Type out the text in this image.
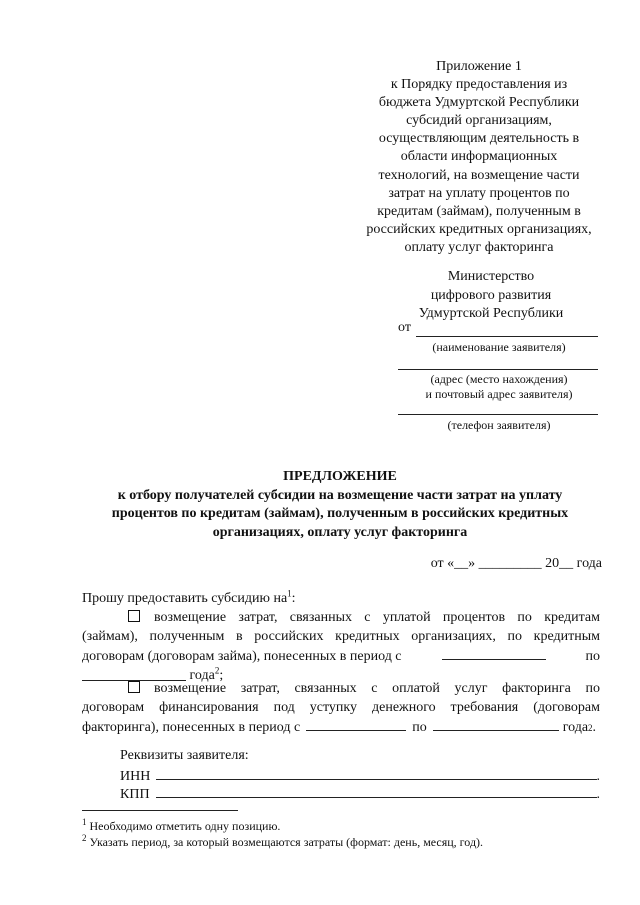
Приложение 1
к Порядку предоставления из
бюджета Удмуртской Республики
субсидий организациям,
осуществляющим деятельность в
области информационных
технологий, на возмещение части
затрат на уплату процентов по
кредитам (займам), полученным в
российских кредитных организациях,
оплату услуг факторинга
Министерство
цифрового развития
Удмуртской Республики
от
(наименование заявителя)
(адрес (место нахождения)
и почтовый адрес заявителя)
(телефон заявителя)
ПРЕДЛОЖЕНИЕ
к отбору получателей субсидии на возмещение части затрат на уплату
процентов по кредитам (займам), полученным в российских кредитных
организациях, оплату услуг факторинга
от «__» _________ 20__ года
Прошу предоставить субсидию $на^1$:
возмещение затрат, связанных с уплатой процентов по кредитам
(займам), полученным в российских кредитных организациях, по кредитным
договорам (договорам займа), понесенных в период с	по
года$^2$;
возмещение затрат, связанных с оплатой услуг факторинга по
договорам финансирования под уступку денежного требования (договорам
факторинга), понесенных в период с	по	года 2 .
Реквизиты заявителя:
ИНН	.
КПП	.
$^1$ Необходимо отметить одну позицию.
$^2$ Указать период, за который возмещаются затраты (формат: день, месяц, год).
